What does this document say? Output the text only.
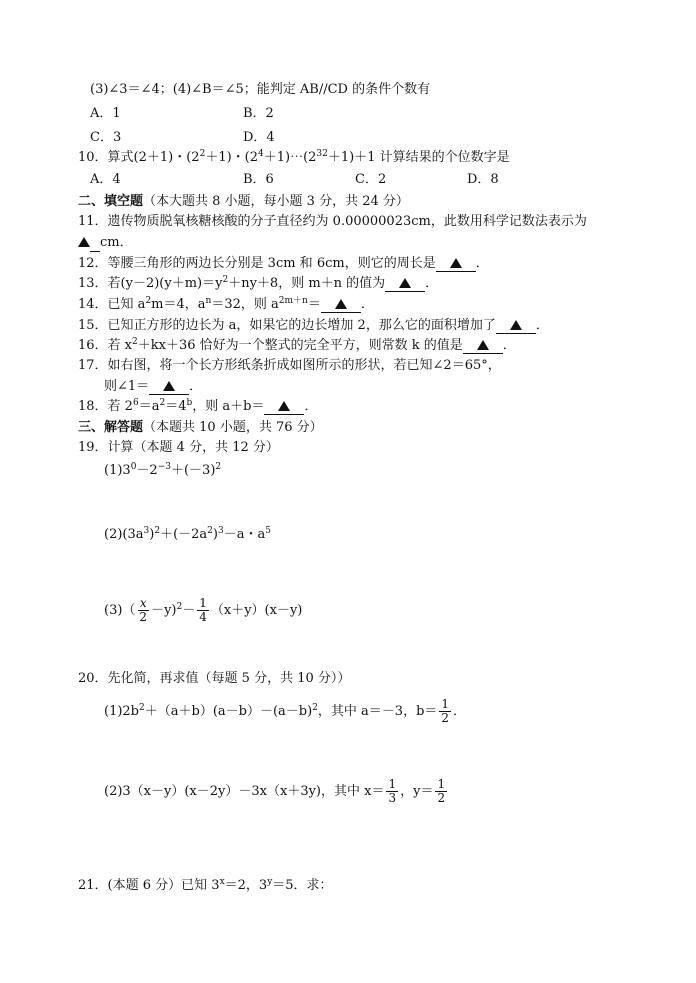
(3)∠3＝∠4；(4)∠B＝∠5；能判定 AB//CD 的条件个数有
A．1	B．2
C．3	D．4
10．算式(2＋1)・$(2^2+1)$・$(2^4+1)\cdots(2^{32}+1)+1$ 计算结果的个位数字是
A．4	B．6	C．2	D．8
二、填空题（本大题共 8 小题，每小题 3 分，共 24 分）
11．遗传物质脱氧核糖核酸的分子直径约为 0.00000023cm，此数用科学记数法表示为
cm．
12．等腰三角形的两边长分别是 3cm 和 6cm，则它的周长是	．
13．若$(y-2)(y+m)=y^2+ny+8$，则 m＋n 的值为	．
14．已知 $a^2m=4$，$a^n=32$，则 $a^{2m+n}=$	．
15．已知正方形的边长为 a，如果它的边长增加 2，那么它的面积增加了	．
16．若 $x^2+kx+36$ 恰好为一个整式的完全平方，则常数 k 的值是	．
17．如右图，将一个长方形纸条折成如图所示的形状，若已知∠2＝65°，
则∠1＝	．
18．若 $2^6=a^2=4^b$，则 a＋b＝	．
三、解答题（本题共 10 小题，共 76 分）
19．计算（本题 4 分，共 12 分）
$(1)3^0-2^{-3}+(-3)^2$
$(2)(3a^3)^2+(-2a^2)^3-a$・$a^5$
$(3)( \frac{x}{2} -y)^2- \frac{1}{4} (x+y)(x-y)$
20．先化简，再求值（每题 5 分，共 10 分））
$(1)2b^2+(a+b)(a-b)-(a-b)^2$，其中 a＝－3，$b= \frac{1}{2}$ ．
(2)3（x－y）(x－2y）－3x（x＋3y)，其中 $x= \frac{1}{3}$ ，$y= \frac{1}{2}$
21．(本题 6 分）已知 $3^x=2$，$3^y=5$．求：
